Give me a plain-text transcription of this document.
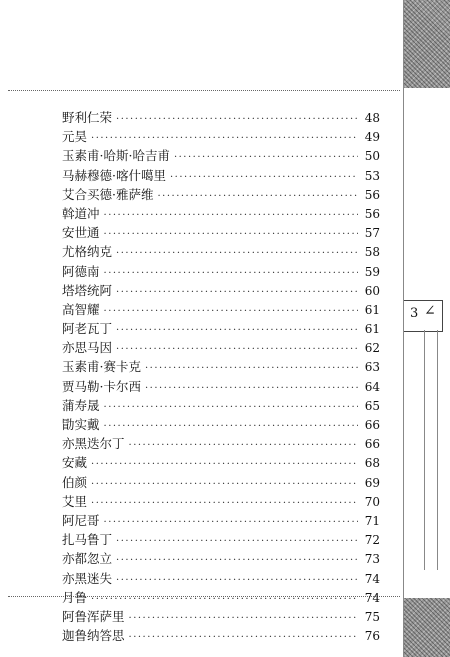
3 ∠
野利仁荣 ·····	48
元昊 ·····	49
玉素甫·哈斯·哈吉甫 ·····	50
马赫穆德·喀什噶里 ·····	53
艾合买德·雅萨维 ·····	56
斡道冲 ·····	56
安世通 ·····	57
尤格纳克 ·····	58
阿德南 ·····	59
塔塔统阿 ·····	60
高智耀 ·····	61
阿老瓦丁 ·····	61
亦思马因 ·····	62
玉素甫·赛卡克 ·····	63
贾马勒·卡尔西 ·····	64
蒲寿晟 ·····	65
勖实戴 ·····	66
亦黑迭尔丁 ·····	66
安藏 ·····	68
伯颜 ·····	69
艾里 ·····	70
阿尼哥 ·····	71
扎马鲁丁 ·····	72
亦都忽立 ·····	73
亦黑迷失 ·····	74
月鲁 ·····	74
阿鲁浑萨里 ·····	75
迦鲁纳答思 ·····	76
